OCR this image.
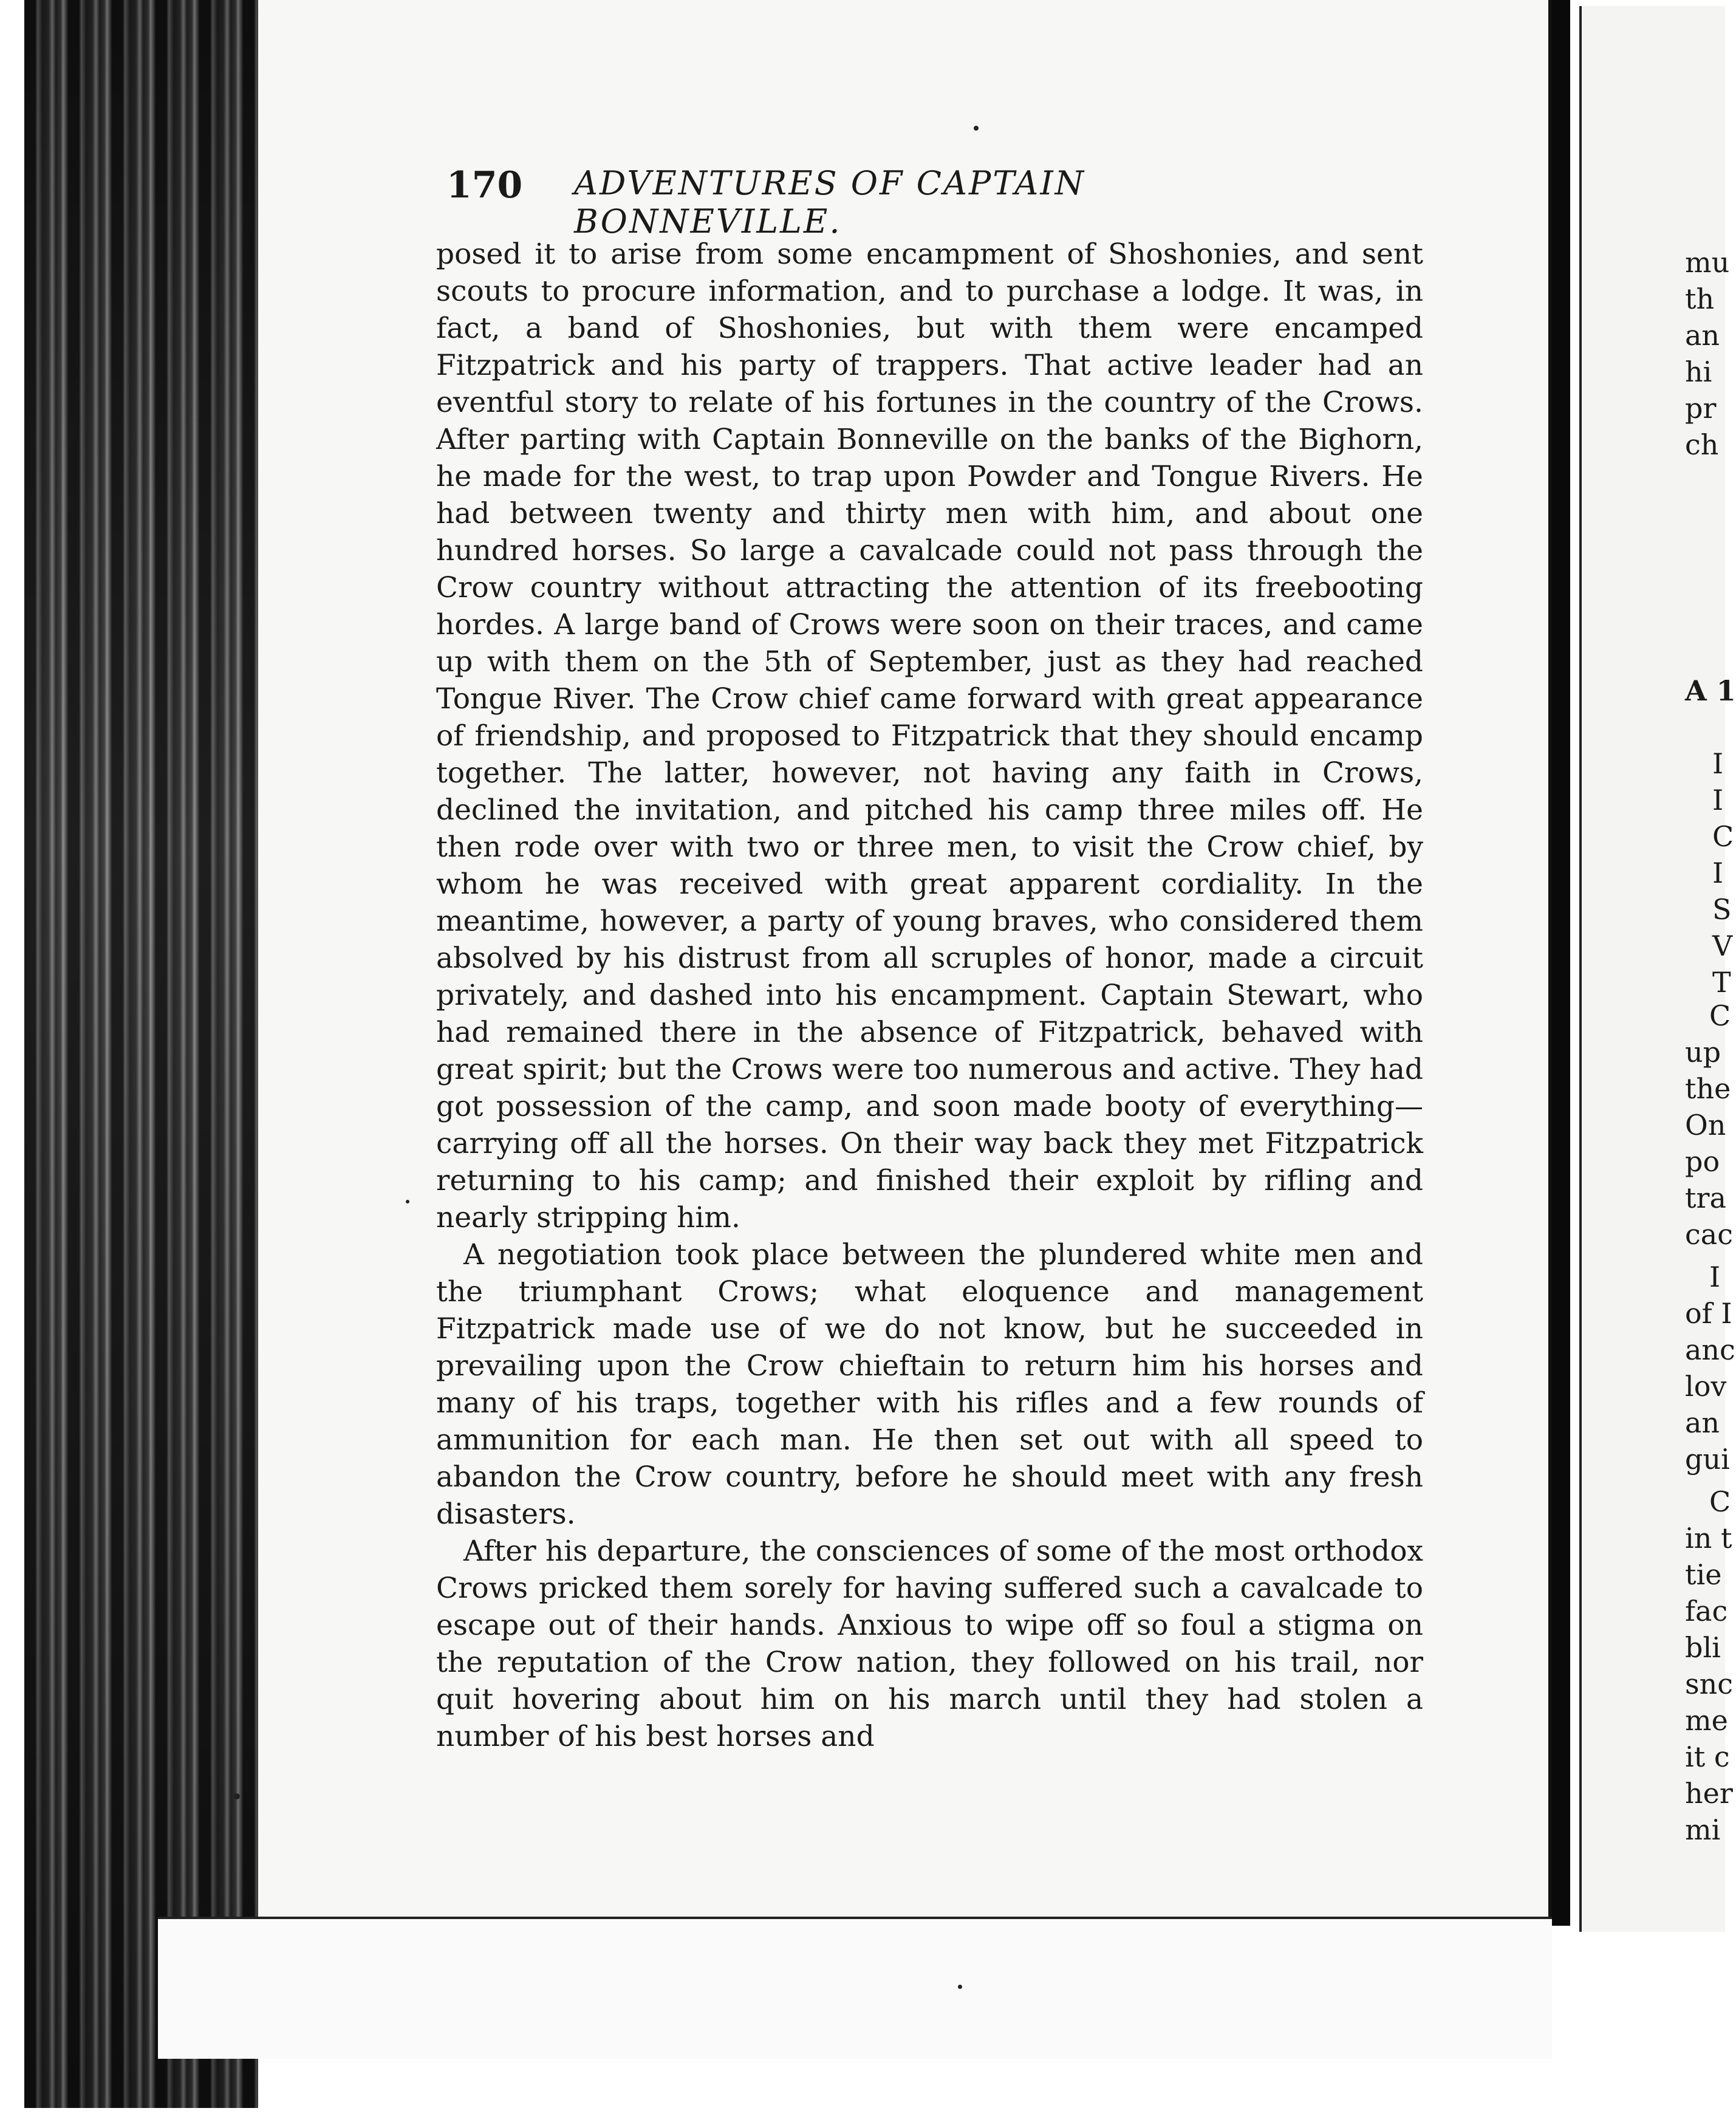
170 ADVENTURES OF CAPTAIN BONNEVILLE.

posed it to arise from some encampment of Shoshonies, and sent scouts to procure information, and to purchase a lodge. It was, in fact, a band of Shoshonies, but with them were encamped Fitzpatrick and his party of trappers. That active leader had an eventful story to relate of his fortunes in the country of the Crows. After parting with Captain Bonneville on the banks of the Bighorn, he made for the west, to trap upon Powder and Tongue Rivers. He had between twenty and thirty men with him, and about one hundred horses. So large a cavalcade could not pass through the Crow country without attracting the attention of its freebooting hordes. A large band of Crows were soon on their traces, and came up with them on the 5th of September, just as they had reached Tongue River. The Crow chief came forward with great appearance of friendship, and proposed to Fitzpatrick that they should encamp together. The latter, however, not having any faith in Crows, declined the invitation, and pitched his camp three miles off. He then rode over with two or three men, to visit the Crow chief, by whom he was received with great apparent cordiality. In the meantime, however, a party of young braves, who considered them absolved by his distrust from all scruples of honor, made a circuit privately, and dashed into his encampment. Captain Stewart, who had remained there in the absence of Fitzpatrick, behaved with great spirit; but the Crows were too numerous and active. They had got possession of the camp, and soon made booty of everything—carrying off all the horses. On their way back they met Fitzpatrick returning to his camp; and finished their exploit by rifling and nearly stripping him.

A negotiation took place between the plundered white men and the triumphant Crows; what eloquence and management Fitzpatrick made use of we do not know, but he succeeded in prevailing upon the Crow chieftain to return him his horses and many of his traps, together with his rifles and a few rounds of ammunition for each man. He then set out with all speed to abandon the Crow country, before he should meet with any fresh disasters.

After his departure, the consciences of some of the most orthodox Crows pricked them sorely for having suffered such a cavalcade to escape out of their hands. Anxious to wipe off so foul a stigma on the reputation of the Crow nation, they followed on his trail, nor quit hovering about him on his march until they had stolen a number of his best horses and

mu
th
an
hi
pr
ch
A 1
I
I
C
I
S
V
T
C
up
the
On
po
tra
cac
I
of I
anc
lov
an
gui
C
in t
tie
fac
bli
snc
me
it c
her
mi
